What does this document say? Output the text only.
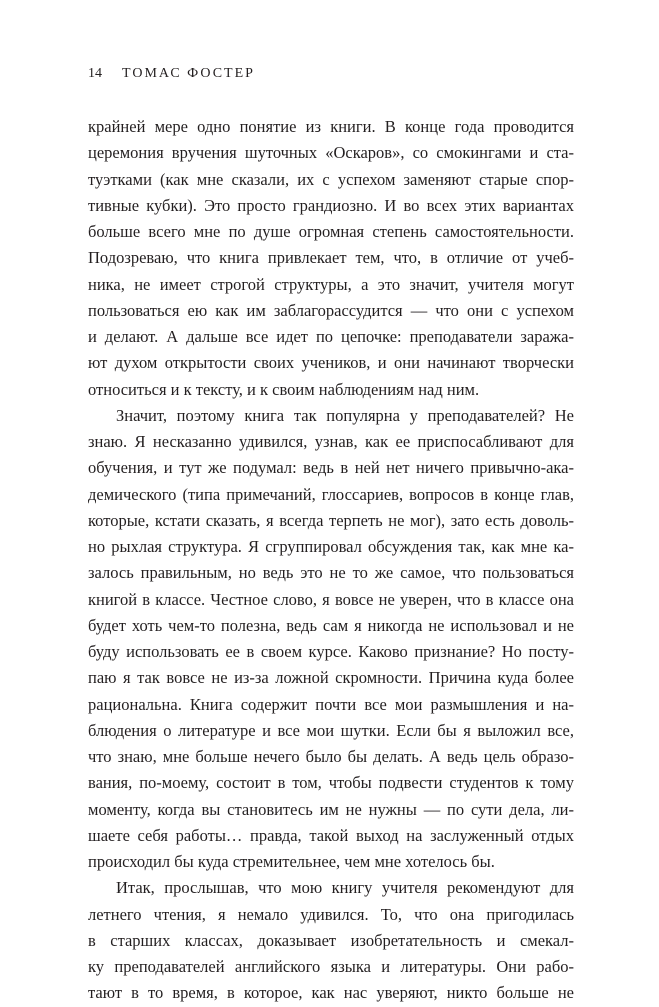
14 ТОМАС ФОСТЕР
крайней мере одно понятие из книги. В конце года проводится
церемония вручения шуточных «Оскаров», со смокингами и ста-
туэтками (как мне сказали, их с успехом заменяют старые спор-
тивные кубки). Это просто грандиозно. И во всех этих вариантах
больше всего мне по душе огромная степень самостоятельности.
Подозреваю, что книга привлекает тем, что, в отличие от учеб-
ника, не имеет строгой структуры, а это значит, учителя могут
пользоваться ею как им заблагорассудится — что они с успехом
и делают. А дальше все идет по цепочке: преподаватели заража-
ют духом открытости своих учеников, и они начинают творчески
относиться и к тексту, и к своим наблюдениям над ним.
Значит, поэтому книга так популярна у преподавателей? Не
знаю. Я несказанно удивился, узнав, как ее приспосабливают для
обучения, и тут же подумал: ведь в ней нет ничего привычно-ака-
демического (типа примечаний, глоссариев, вопросов в конце глав,
которые, кстати сказать, я всегда терпеть не мог), зато есть доволь-
но рыхлая структура. Я сгруппировал обсуждения так, как мне ка-
залось правильным, но ведь это не то же самое, что пользоваться
книгой в классе. Честное слово, я вовсе не уверен, что в классе она
будет хоть чем-то полезна, ведь сам я никогда не использовал и не
буду использовать ее в своем курсе. Каково признание? Но посту-
паю я так вовсе не из-за ложной скромности. Причина куда более
рациональна. Книга содержит почти все мои размышления и на-
блюдения о литературе и все мои шутки. Если бы я выложил все,
что знаю, мне больше нечего было бы делать. А ведь цель образо-
вания, по-моему, состоит в том, чтобы подвести студентов к тому
моменту, когда вы становитесь им не нужны — по сути дела, ли-
шаете себя работы… правда, такой выход на заслуженный отдых
происходил бы куда стремительнее, чем мне хотелось бы.
Итак, прослышав, что мою книгу учителя рекомендуют для
летнего чтения, я немало удивился. То, что она пригодилась
в старших классах, доказывает изобретательность и смекал-
ку преподавателей английского языка и литературы. Они рабо-
тают в то время, в которое, как нас уверяют, никто больше не
